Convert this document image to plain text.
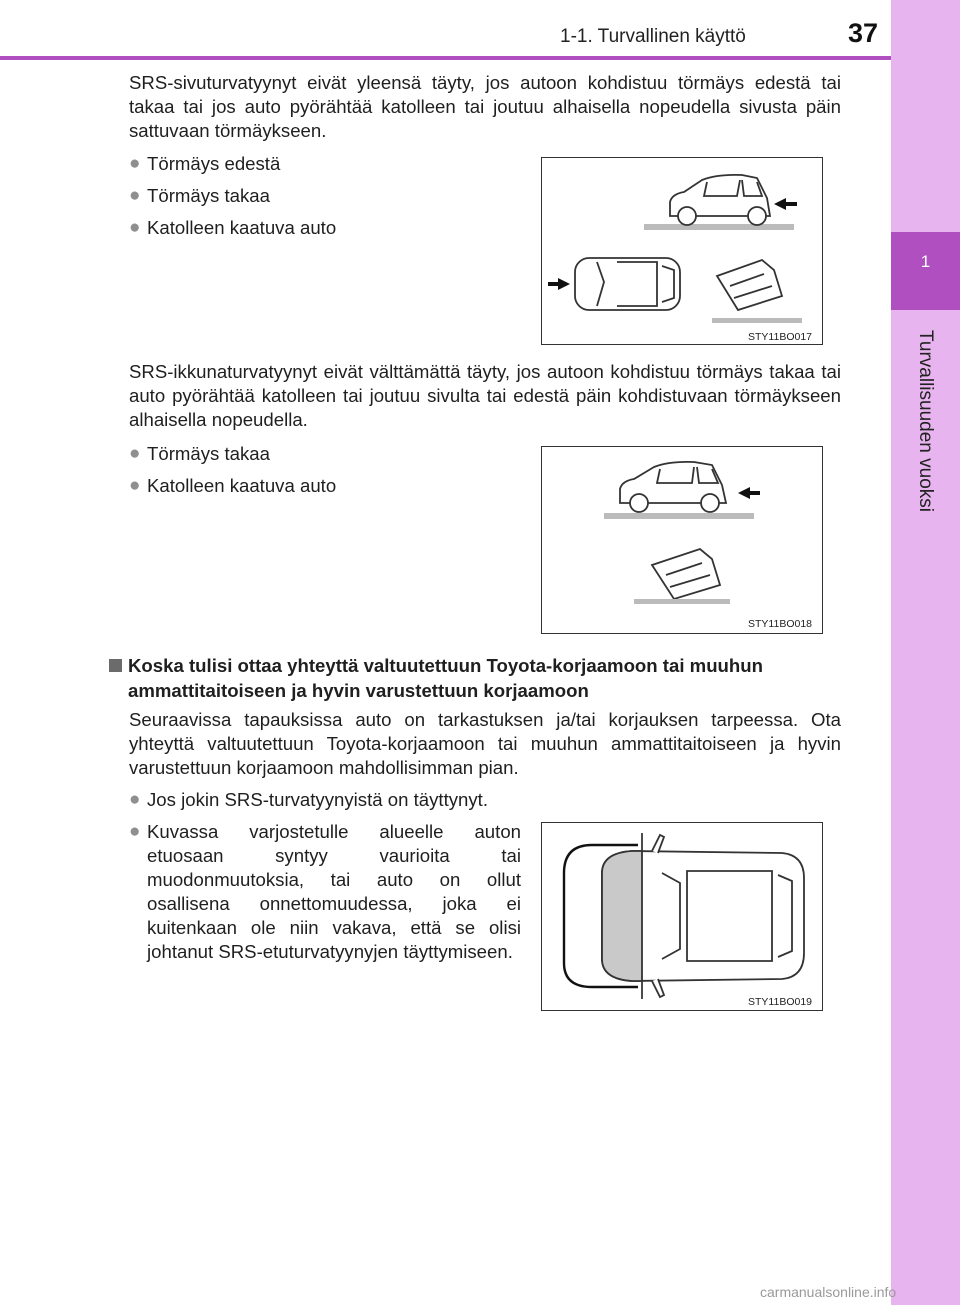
1
Turvallisuuden vuoksi
1-1. Turvallinen käyttö	37

SRS-sivuturvatyynyt eivät yleensä täyty, jos autoon kohdistuu törmäys edestä tai takaa tai jos auto pyörähtää katolleen tai joutuu alhaisella nopeudella sivusta päin sattuvaan törmäykseen.

● Törmäys edestä
● Törmäys takaa
● Katolleen kaatuva auto
STY11BO017

SRS-ikkunaturvatyynyt eivät välttämättä täyty, jos autoon kohdistuu törmäys takaa tai auto pyörähtää katolleen tai joutuu sivulta tai edestä päin kohdistuvaan törmäykseen alhaisella nopeudella.

● Törmäys takaa
● Katolleen kaatuva auto
STY11BO018
Koska tulisi ottaa yhteyttä valtuutettuun Toyota-korjaamoon tai muuhun ammattitaitoiseen ja hyvin varustettuun korjaamoon

Seuraavissa tapauksissa auto on tarkastuksen ja/tai korjauksen tarpeessa. Ota yhteyttä valtuutettuun Toyota-korjaamoon tai muuhun ammattitaitoiseen ja hyvin varustettuun korjaamoon mahdollisimman pian.

● Jos jokin SRS-turvatyynyistä on täyttynyt.
● Kuvassa varjostetulle alueelle auton etuosaan syntyy vaurioita tai muodonmuutoksia, tai auto on ollut osallisena onnettomuudessa, joka ei kuitenkaan ole niin vakava, että se olisi johtanut SRS-etuturvatyynyjen täyttymiseen.
STY11BO019
carmanualsonline.info
